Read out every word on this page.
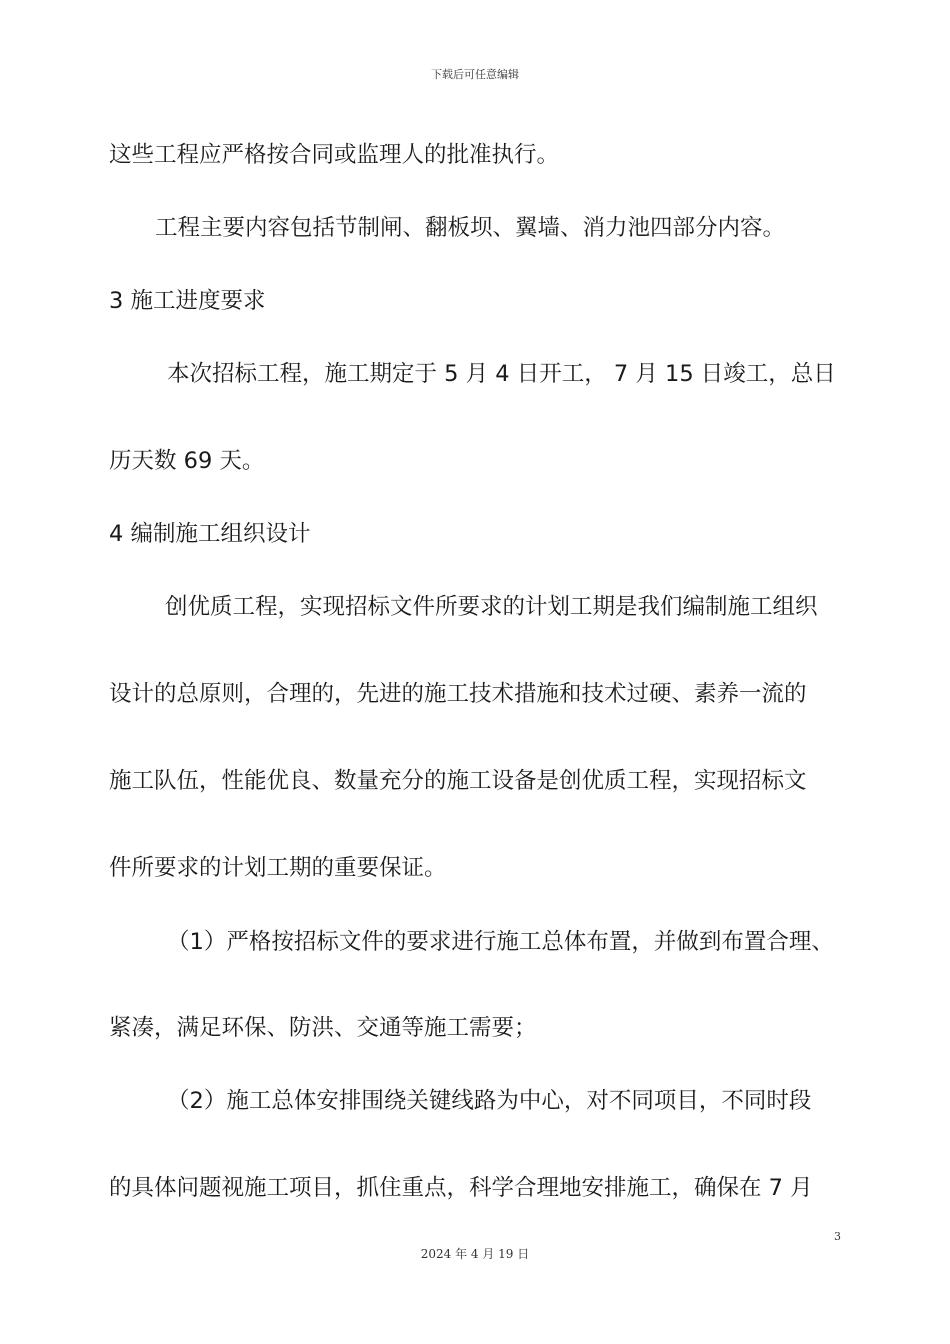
下载后可任意编辑
这些工程应严格按合同或监理人的批准执行。
工程主要内容包括节制闸、翻板坝、翼墙、消力池四部分内容。
3 施工进度要求
本次招标工程，施工期定于 5 月 4 日开工， 7 月 15 日竣工，总日
历天数 69 天。
4 编制施工组织设计
创优质工程，实现招标文件所要求的计划工期是我们编制施工组织
设计的总原则，合理的，先进的施工技术措施和技术过硬、素养一流的
施工队伍，性能优良、数量充分的施工设备是创优质工程，实现招标文
件所要求的计划工期的重要保证。
（1）严格按招标文件的要求进行施工总体布置，并做到布置合理、
紧凑，满足环保、防洪、交通等施工需要；
（2）施工总体安排围绕关键线路为中心，对不同项目，不同时段
的具体问题视施工项目，抓住重点，科学合理地安排施工，确保在 7 月
3
2024 年 4 月 19 日
